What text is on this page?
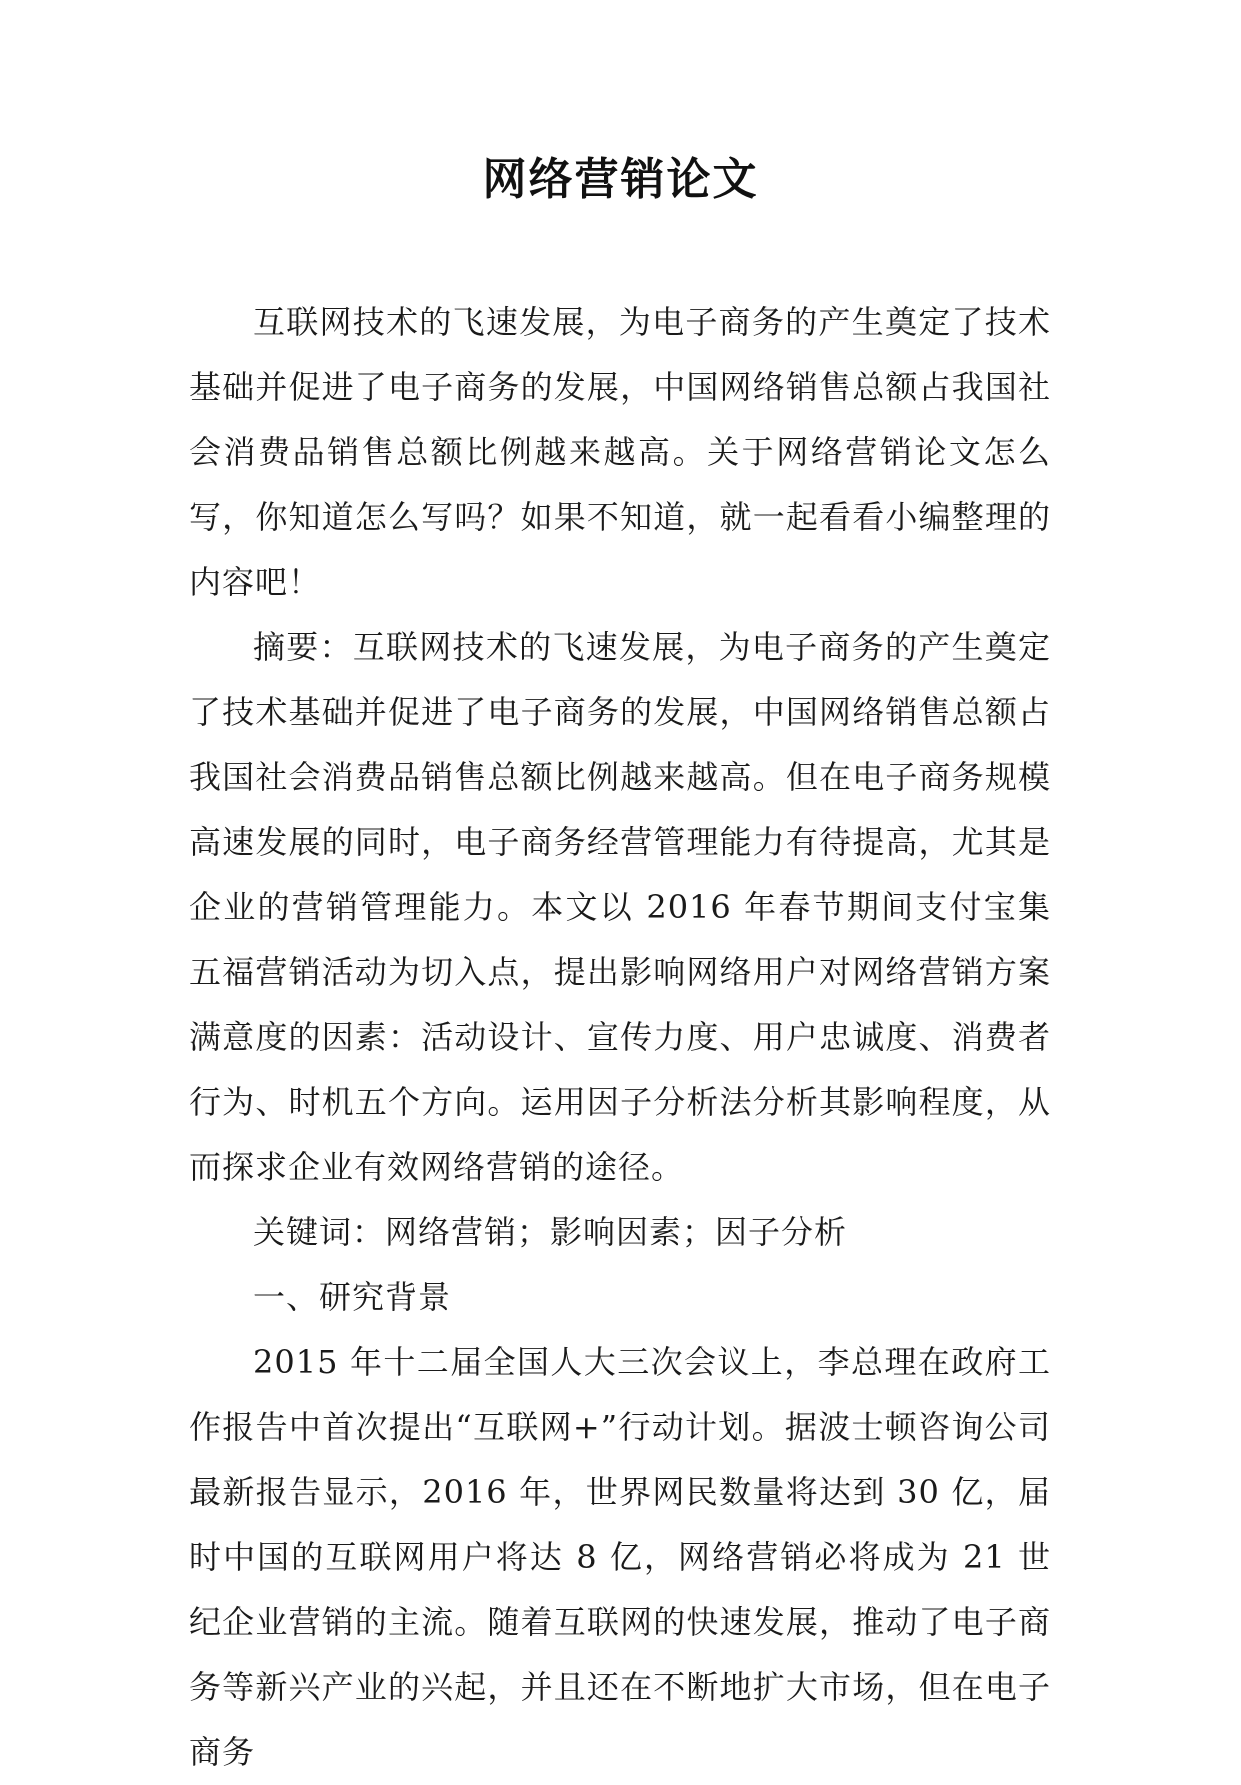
网络营销论文

互联网技术的飞速发展，为电子商务的产生奠定了技术基础并促进了电子商务的发展，中国网络销售总额占我国社会消费品销售总额比例越来越高。关于网络营销论文怎么写，你知道怎么写吗？如果不知道，就一起看看小编整理的内容吧！

摘要：互联网技术的飞速发展，为电子商务的产生奠定了技术基础并促进了电子商务的发展，中国网络销售总额占我国社会消费品销售总额比例越来越高。但在电子商务规模高速发展的同时，电子商务经营管理能力有待提高，尤其是企业的营销管理能力。本文以 2016 年春节期间支付宝集五福营销活动为切入点，提出影响网络用户对网络营销方案满意度的因素：活动设计、宣传力度、用户忠诚度、消费者行为、时机五个方向。运用因子分析法分析其影响程度，从而探求企业有效网络营销的途径。

关键词：网络营销；影响因素；因子分析

一、研究背景

2015 年十二届全国人大三次会议上，李总理在政府工作报告中首次提出“互联网+”行动计划。据波士顿咨询公司最新报告显示，2016 年，世界网民数量将达到 30 亿，届时中国的互联网用户将达 8 亿，网络营销必将成为 21 世纪企业营销的主流。随着互联网的快速发展，推动了电子商务等新兴产业的兴起，并且还在不断地扩大市场，但在电子商务
